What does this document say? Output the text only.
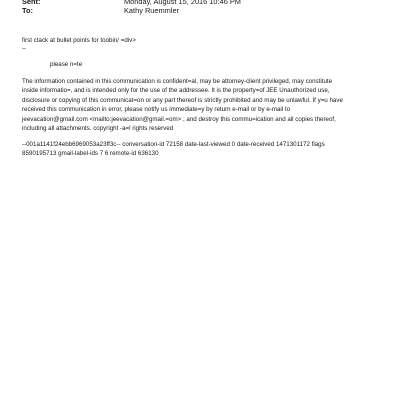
Sent:	Monday, August 15, 2016 10:46 PM
To:	Kathy Ruemmler
first ctack at bullet points for toobin/ =div>
--
please n=te
The information contained in this communication is confident=al, may be attorney-client privileged, may constitute
inside informatio=, and is intended only for the use of the addressee. It is the property=of JEE Unauthorized use,
disclosure or copying of this communicat=on or any part thereof is strictly prohibited and may be unlawful. If y=u have
received this communication in error, please notify us immediate=y by return e-mail or by e-mail to
jeevacation@gmail.com <mailto:jeevacation@gmail.=om> , and destroy this commu=ication and all copies thereof,
including all attachments. copyright -a=l rights reserved
--001a1141f24ebb6969053a23ff3c-- conversation-id 72158 date-last-viewed 0 date-received 1471301172 flags
8590195713 gmail-label-ids 7 6 remote-id 636130
